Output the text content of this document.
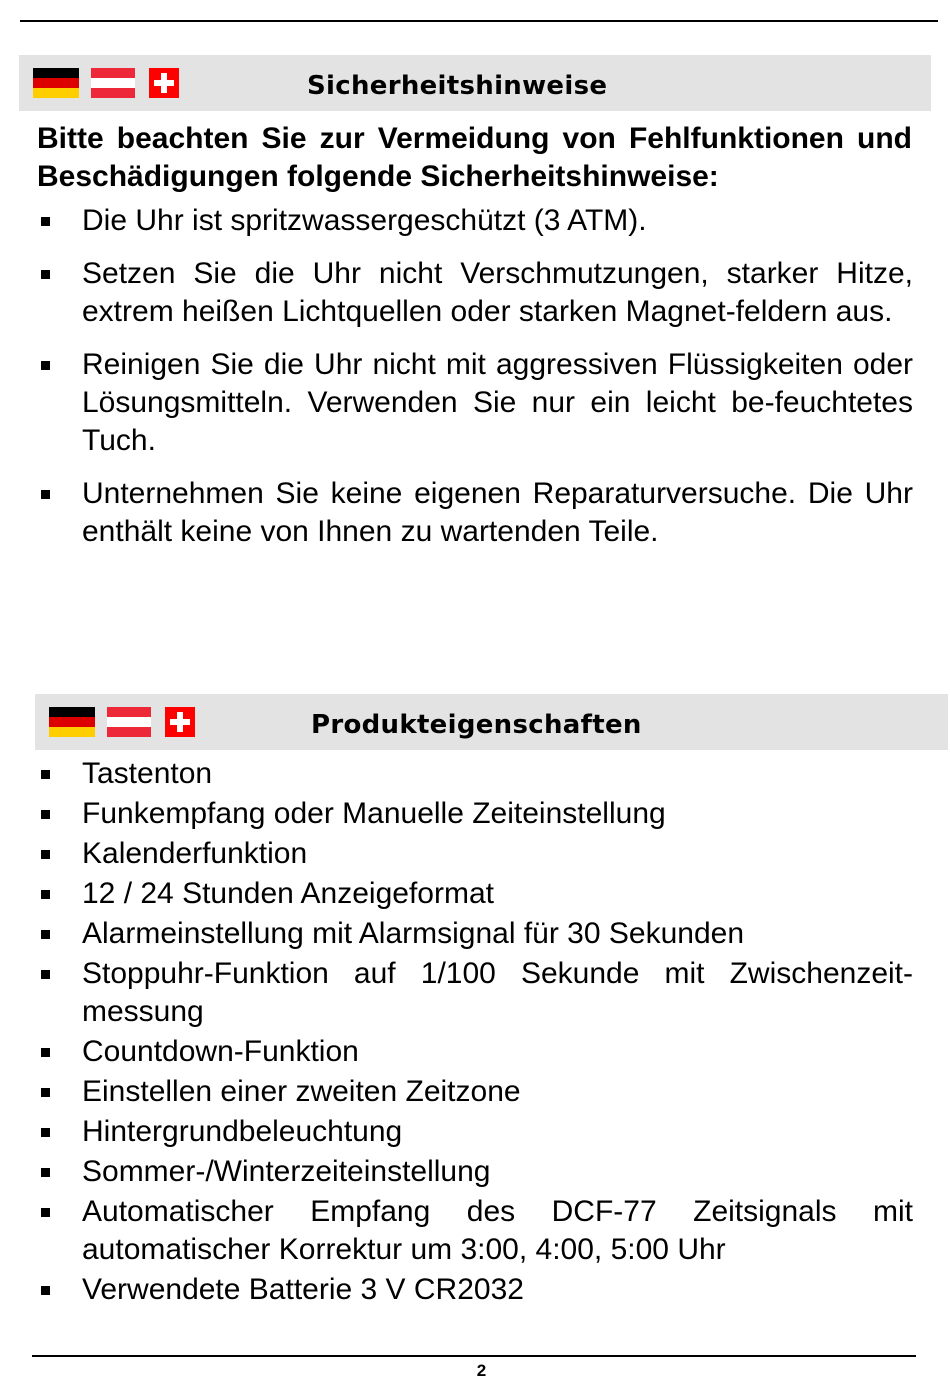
Sicherheitshinweise

Bitte beachten Sie zur Vermeidung von Fehlfunktionen und Beschädigungen folgende Sicherheitshinweise:

Die Uhr ist spritzwassergeschützt (3 ATM).
Setzen Sie die Uhr nicht Verschmutzungen, starker Hitze, extrem heißen Lichtquellen oder starken Magnet-feldern aus.
Reinigen Sie die Uhr nicht mit aggressiven Flüssigkeiten oder Lösungsmitteln. Verwenden Sie nur ein leicht be-feuchtetes Tuch.
Unternehmen Sie keine eigenen Reparaturversuche. Die Uhr enthält keine von Ihnen zu wartenden Teile.
Produkteigenschaften
Tastenton
Funkempfang oder Manuelle Zeiteinstellung
Kalenderfunktion
12 / 24 Stunden Anzeigeformat
Alarmeinstellung mit Alarmsignal für 30 Sekunden
Stoppuhr-Funktion auf 1/100 Sekunde mit Zwischenzeit-messung
Countdown-Funktion
Einstellen einer zweiten Zeitzone
Hintergrundbeleuchtung
Sommer-/Winterzeiteinstellung
Automatischer Empfang des DCF-77 Zeitsignals mit automatischer Korrektur um 3:00, 4:00, 5:00 Uhr
Verwendete Batterie 3 V CR2032
2
